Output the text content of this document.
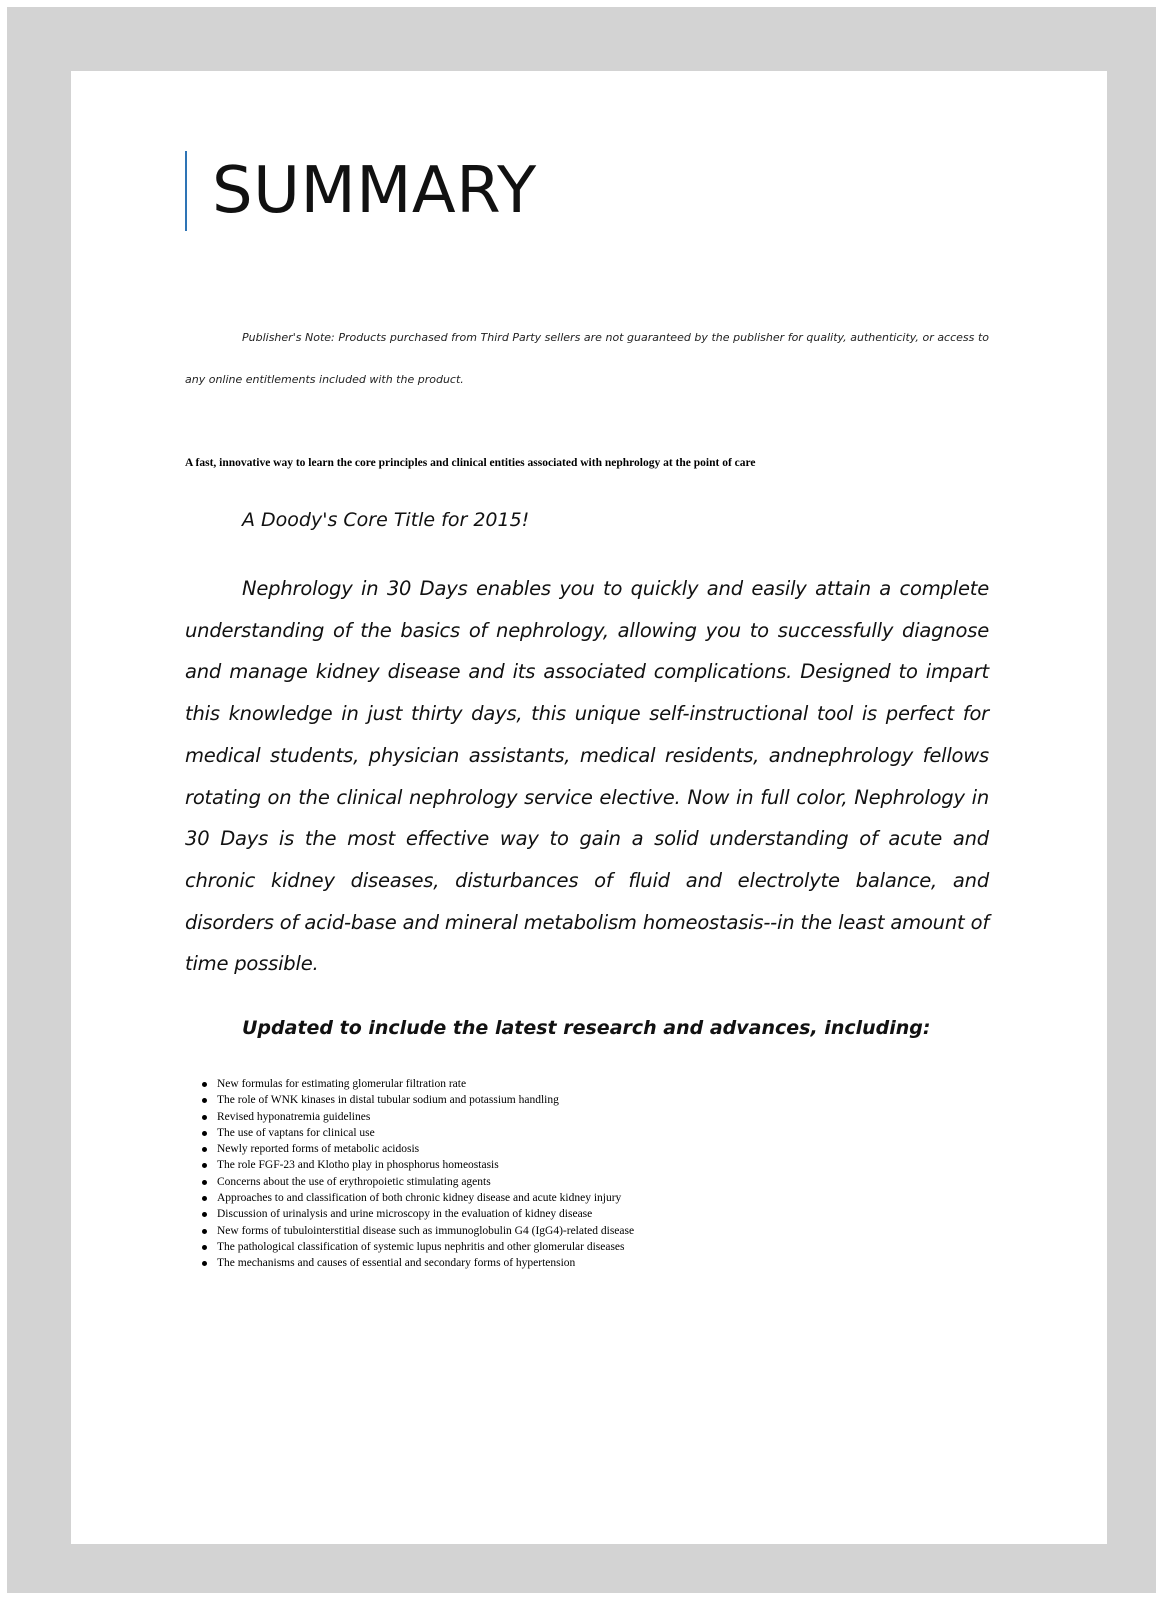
SUMMARY

Publisher's Note: Products purchased from Third Party sellers are not guaranteed by the publisher for quality, authenticity, or access to any online entitlements included with the product.

A fast, innovative way to learn the core principles and clinical entities associated with nephrology at the point of care

A Doody's Core Title for 2015!

Nephrology in 30 Days enables you to quickly and easily attain a complete understanding of the basics of nephrology, allowing you to successfully diagnose and manage kidney disease and its associated complications. Designed to impart this knowledge in just thirty days, this unique self-instructional tool is perfect for medical students, physician assistants, medical residents, andnephrology fellows rotating on the clinical nephrology service elective. Now in full color, Nephrology in 30 Days is the most effective way to gain a solid understanding of acute and chronic kidney diseases, disturbances of fluid and electrolyte balance, and disorders of acid-base and mineral metabolism homeostasis--in the least amount of time possible.

Updated to include the latest research and advances, including:

New formulas for estimating glomerular filtration rate
The role of WNK kinases in distal tubular sodium and potassium handling
Revised hyponatremia guidelines
The use of vaptans for clinical use
Newly reported forms of metabolic acidosis
The role FGF-23 and Klotho play in phosphorus homeostasis
Concerns about the use of erythropoietic stimulating agents
Approaches to and classification of both chronic kidney disease and acute kidney injury
Discussion of urinalysis and urine microscopy in the evaluation of kidney disease
New forms of tubulointerstitial disease such as immunoglobulin G4 (IgG4)-related disease
The pathological classification of systemic lupus nephritis and other glomerular diseases
The mechanisms and causes of essential and secondary forms of hypertension
